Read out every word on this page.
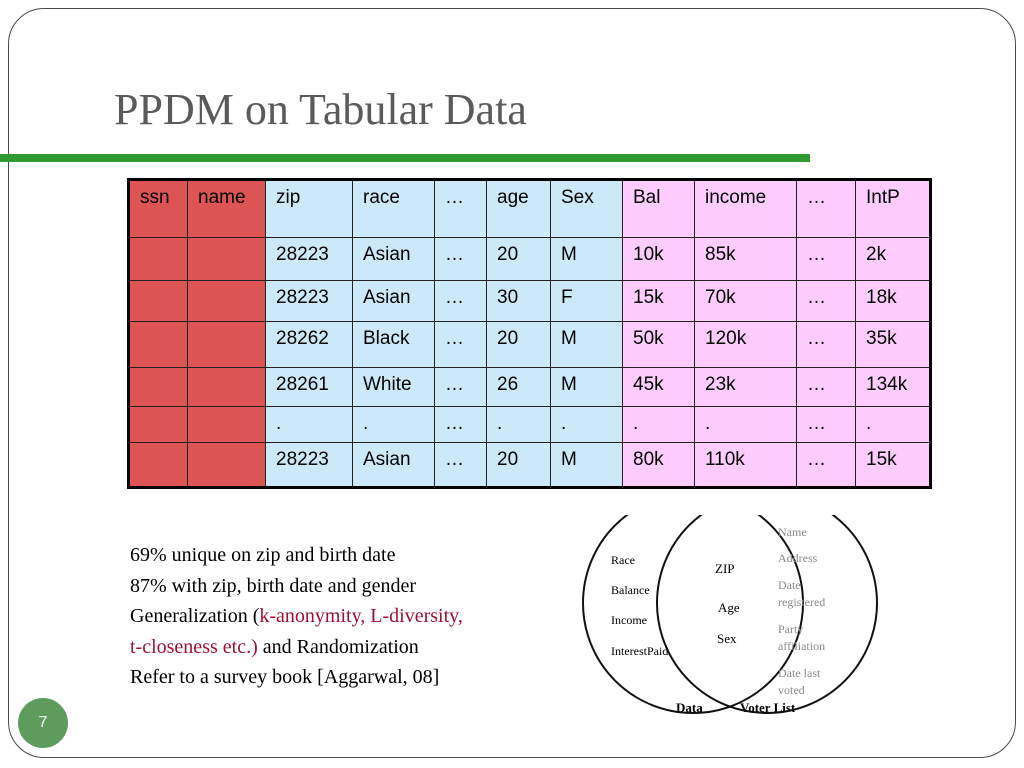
PPDM on Tabular Data
ssn	name	zip	race	…	age	Sex	Bal	income	…	IntP

		28223	Asian	…	20	M	10k	85k	…	2k

		28223	Asian	…	30	F	15k	70k	…	18k

		28262	Black	…	20	M	50k	120k	…	35k

		28261	White	…	26	M	45k	23k	…	134k

		.	.	…	.	.	.	.	…	.

		28223	Asian	…	20	M	80k	110k	…	15k
69% unique on zip and birth date
87% with zip, birth date and gender
Generalization (k-anonymity, L-diversity,
t-closeness etc.) and Randomization
Refer to a survey book [Aggarwal, 08]
Race
Balance
Income
InterestPaid
ZIP
Age
Sex
Name
Address
Date
registered
Party
affiliation
Date last
voted
Data	Voter List
7
